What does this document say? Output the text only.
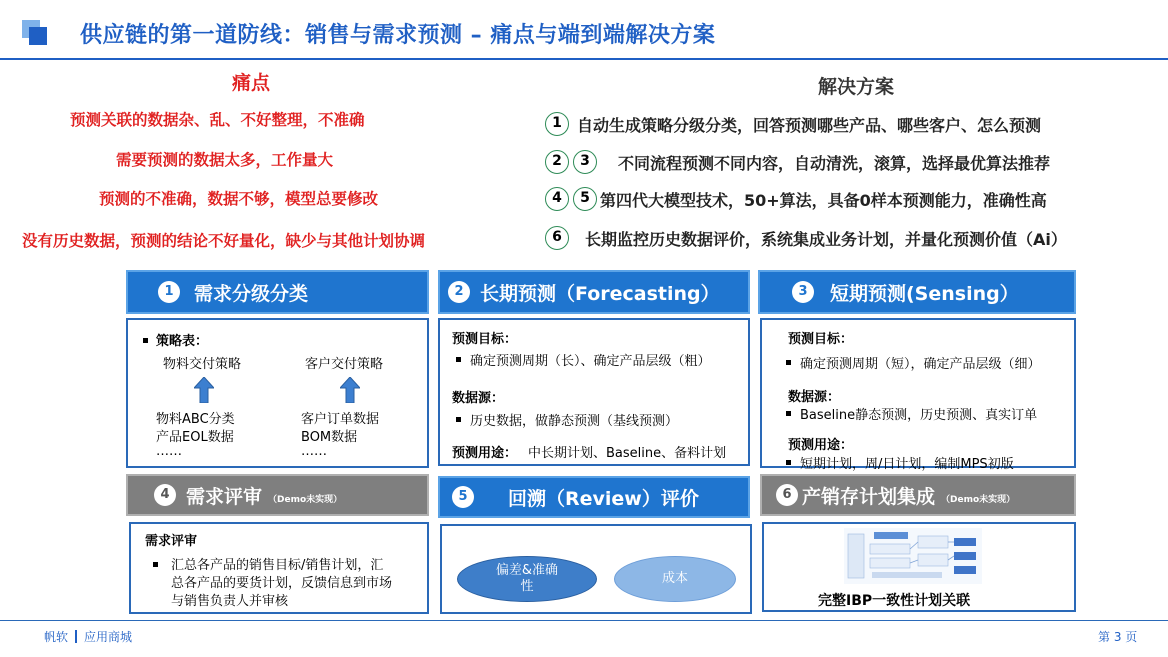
供应链的第一道防线：销售与需求预测 – 痛点与端到端解决方案
痛点
预测关联的数据杂、乱、不好整理，不准确
需要预测的数据太多，工作量大
预测的不准确，数据不够，模型总要修改
没有历史数据，预测的结论不好量化，缺少与其他计划协调
解决方案
1 自动生成策略分级分类，回答预测哪些产品、哪些客户、怎么预测
2	3	不同流程预测不同内容，自动清洗，滚算，选择最优算法推荐
4	5 第四代大模型技术，50+算法，具备0样本预测能力，准确性高
6	长期监控历史数据评价，系统集成业务计划，并量化预测价值（Ai）
1	需求分级分类	2 长期预测（Forecasting）	3	短期预测(Sensing）
策略表：
物料交付策略	客户交付策略
物料ABC分类
产品EOL数据
……
客户订单数据
BOM数据
……
预测目标：
确定预测周期（长）、确定产品层级（粗）
数据源：
历史数据，做静态预测（基线预测）
预测用途： 中长期计划、Baseline、备料计划
预测目标：
确定预测周期（短），确定产品层级（细）
数据源：
Baseline静态预测，历史预测、真实订单
预测用途：
短期计划，周/日计划，编制MPS初版
4 需求评审 （Demo未实现）	5	回溯（Review）评价	6 产销存计划集成 （Demo未实现）
需求评审
汇总各产品的销售目标/销售计划，汇
总各产品的要货计划，反馈信息到市场
与销售负责人并审核
偏差&准确
性
成本
完整IBP一致性计划关联
帆软 应用商城	第 3 页
